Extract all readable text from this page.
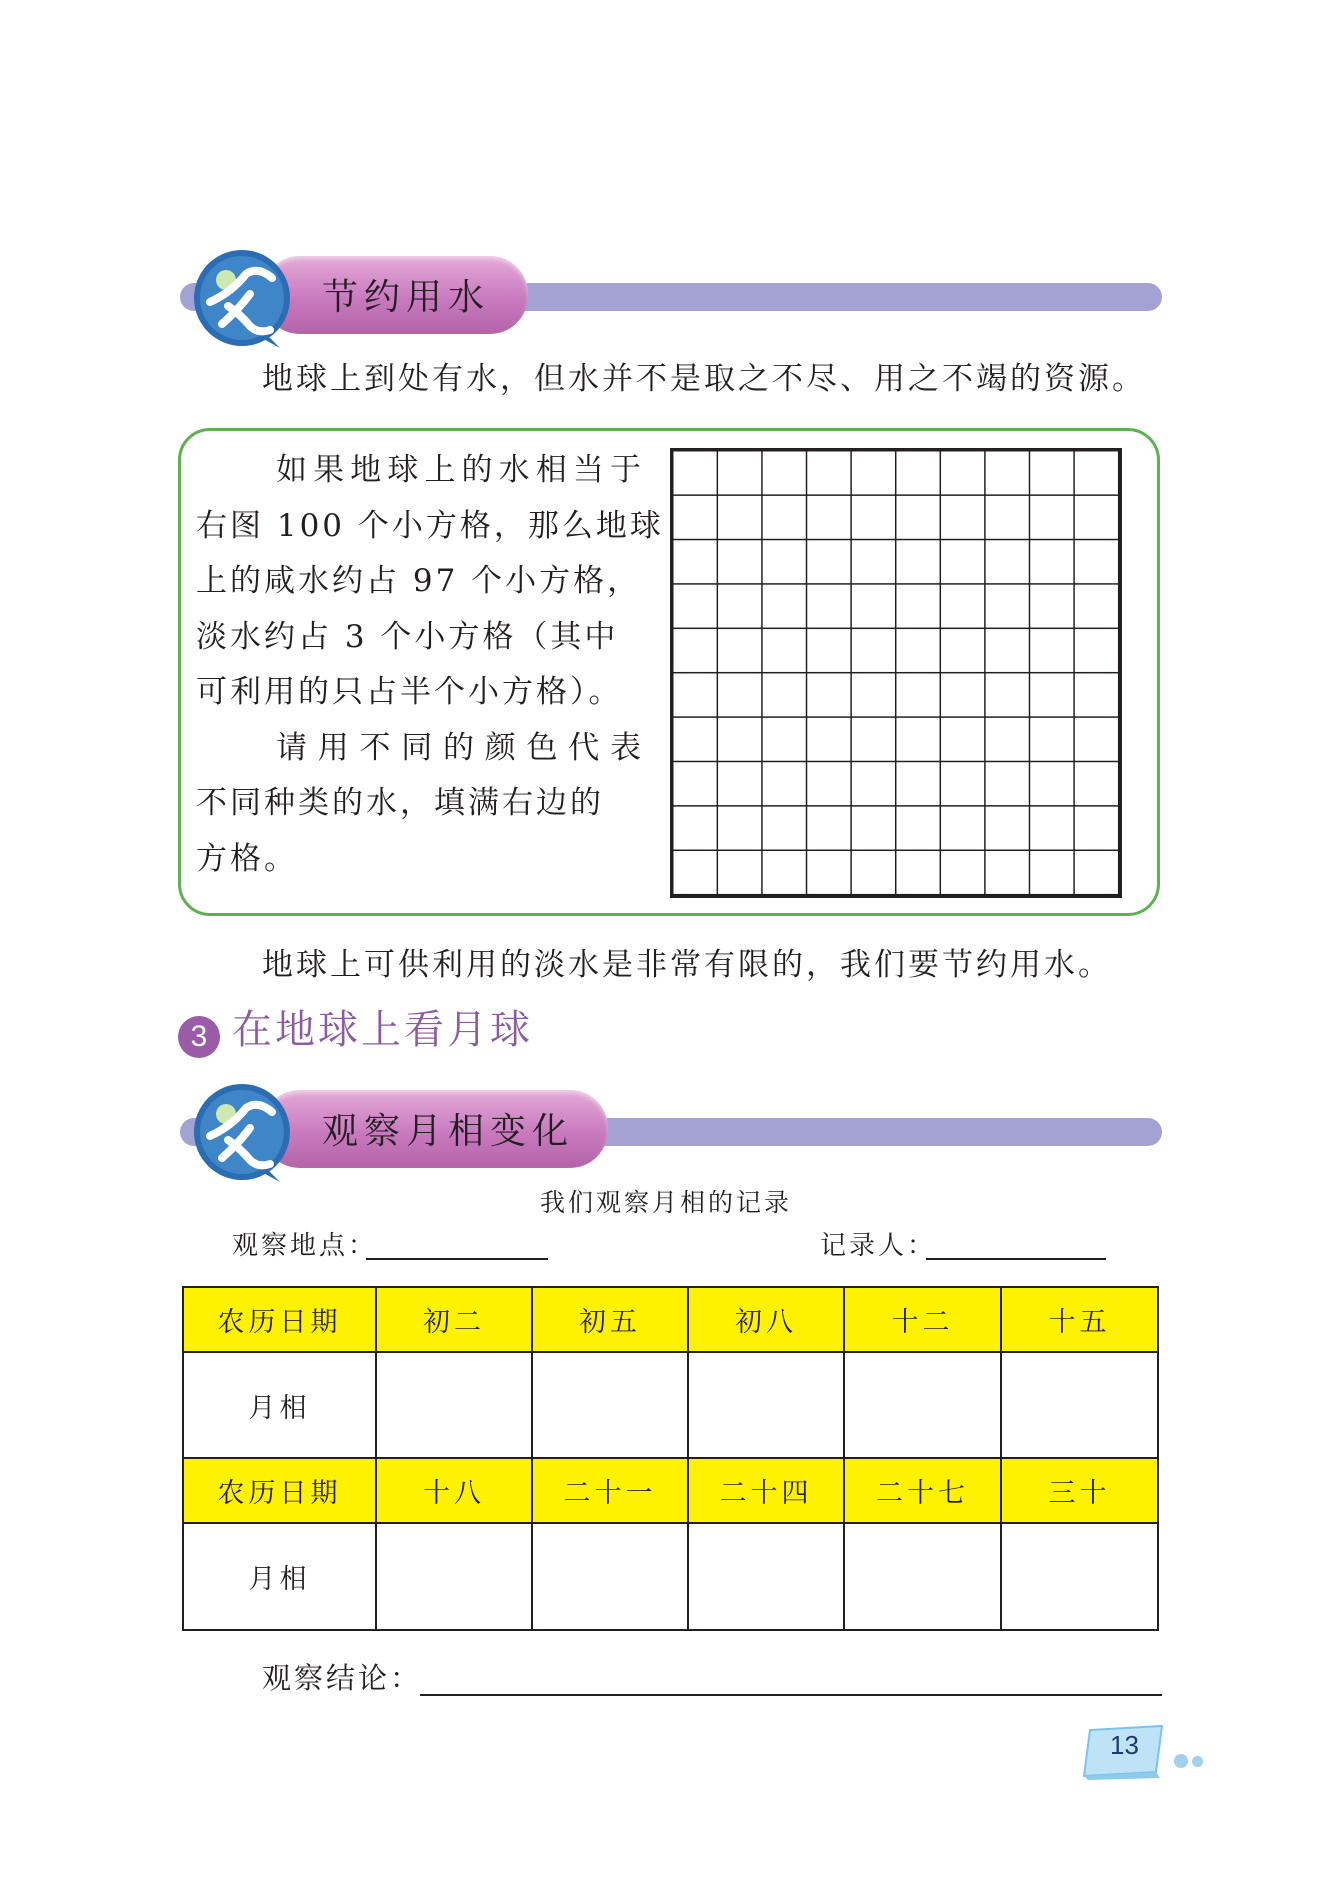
节约用水
地球上到处有水，但水并不是取之不尽、用之不竭的资源。
如果地球上的水相当于
右图 100 个小方格，那么地球
上的咸水约占 97 个小方格，
淡水约占 3 个小方格（其中
可利用的只占半个小方格）。
请用不同的颜色代表
不同种类的水，填满右边的
方格。
地球上可供利用的淡水是非常有限的，我们要节约用水。
3 在地球上看月球
观察月相变化
我们观察月相的记录
观察地点：	记录人：
农历日期	初二	初五	初八	十二	十五
月相					
农历日期	十八	二十一	二十四	二十七	三十
月相					
观察结论：
13
